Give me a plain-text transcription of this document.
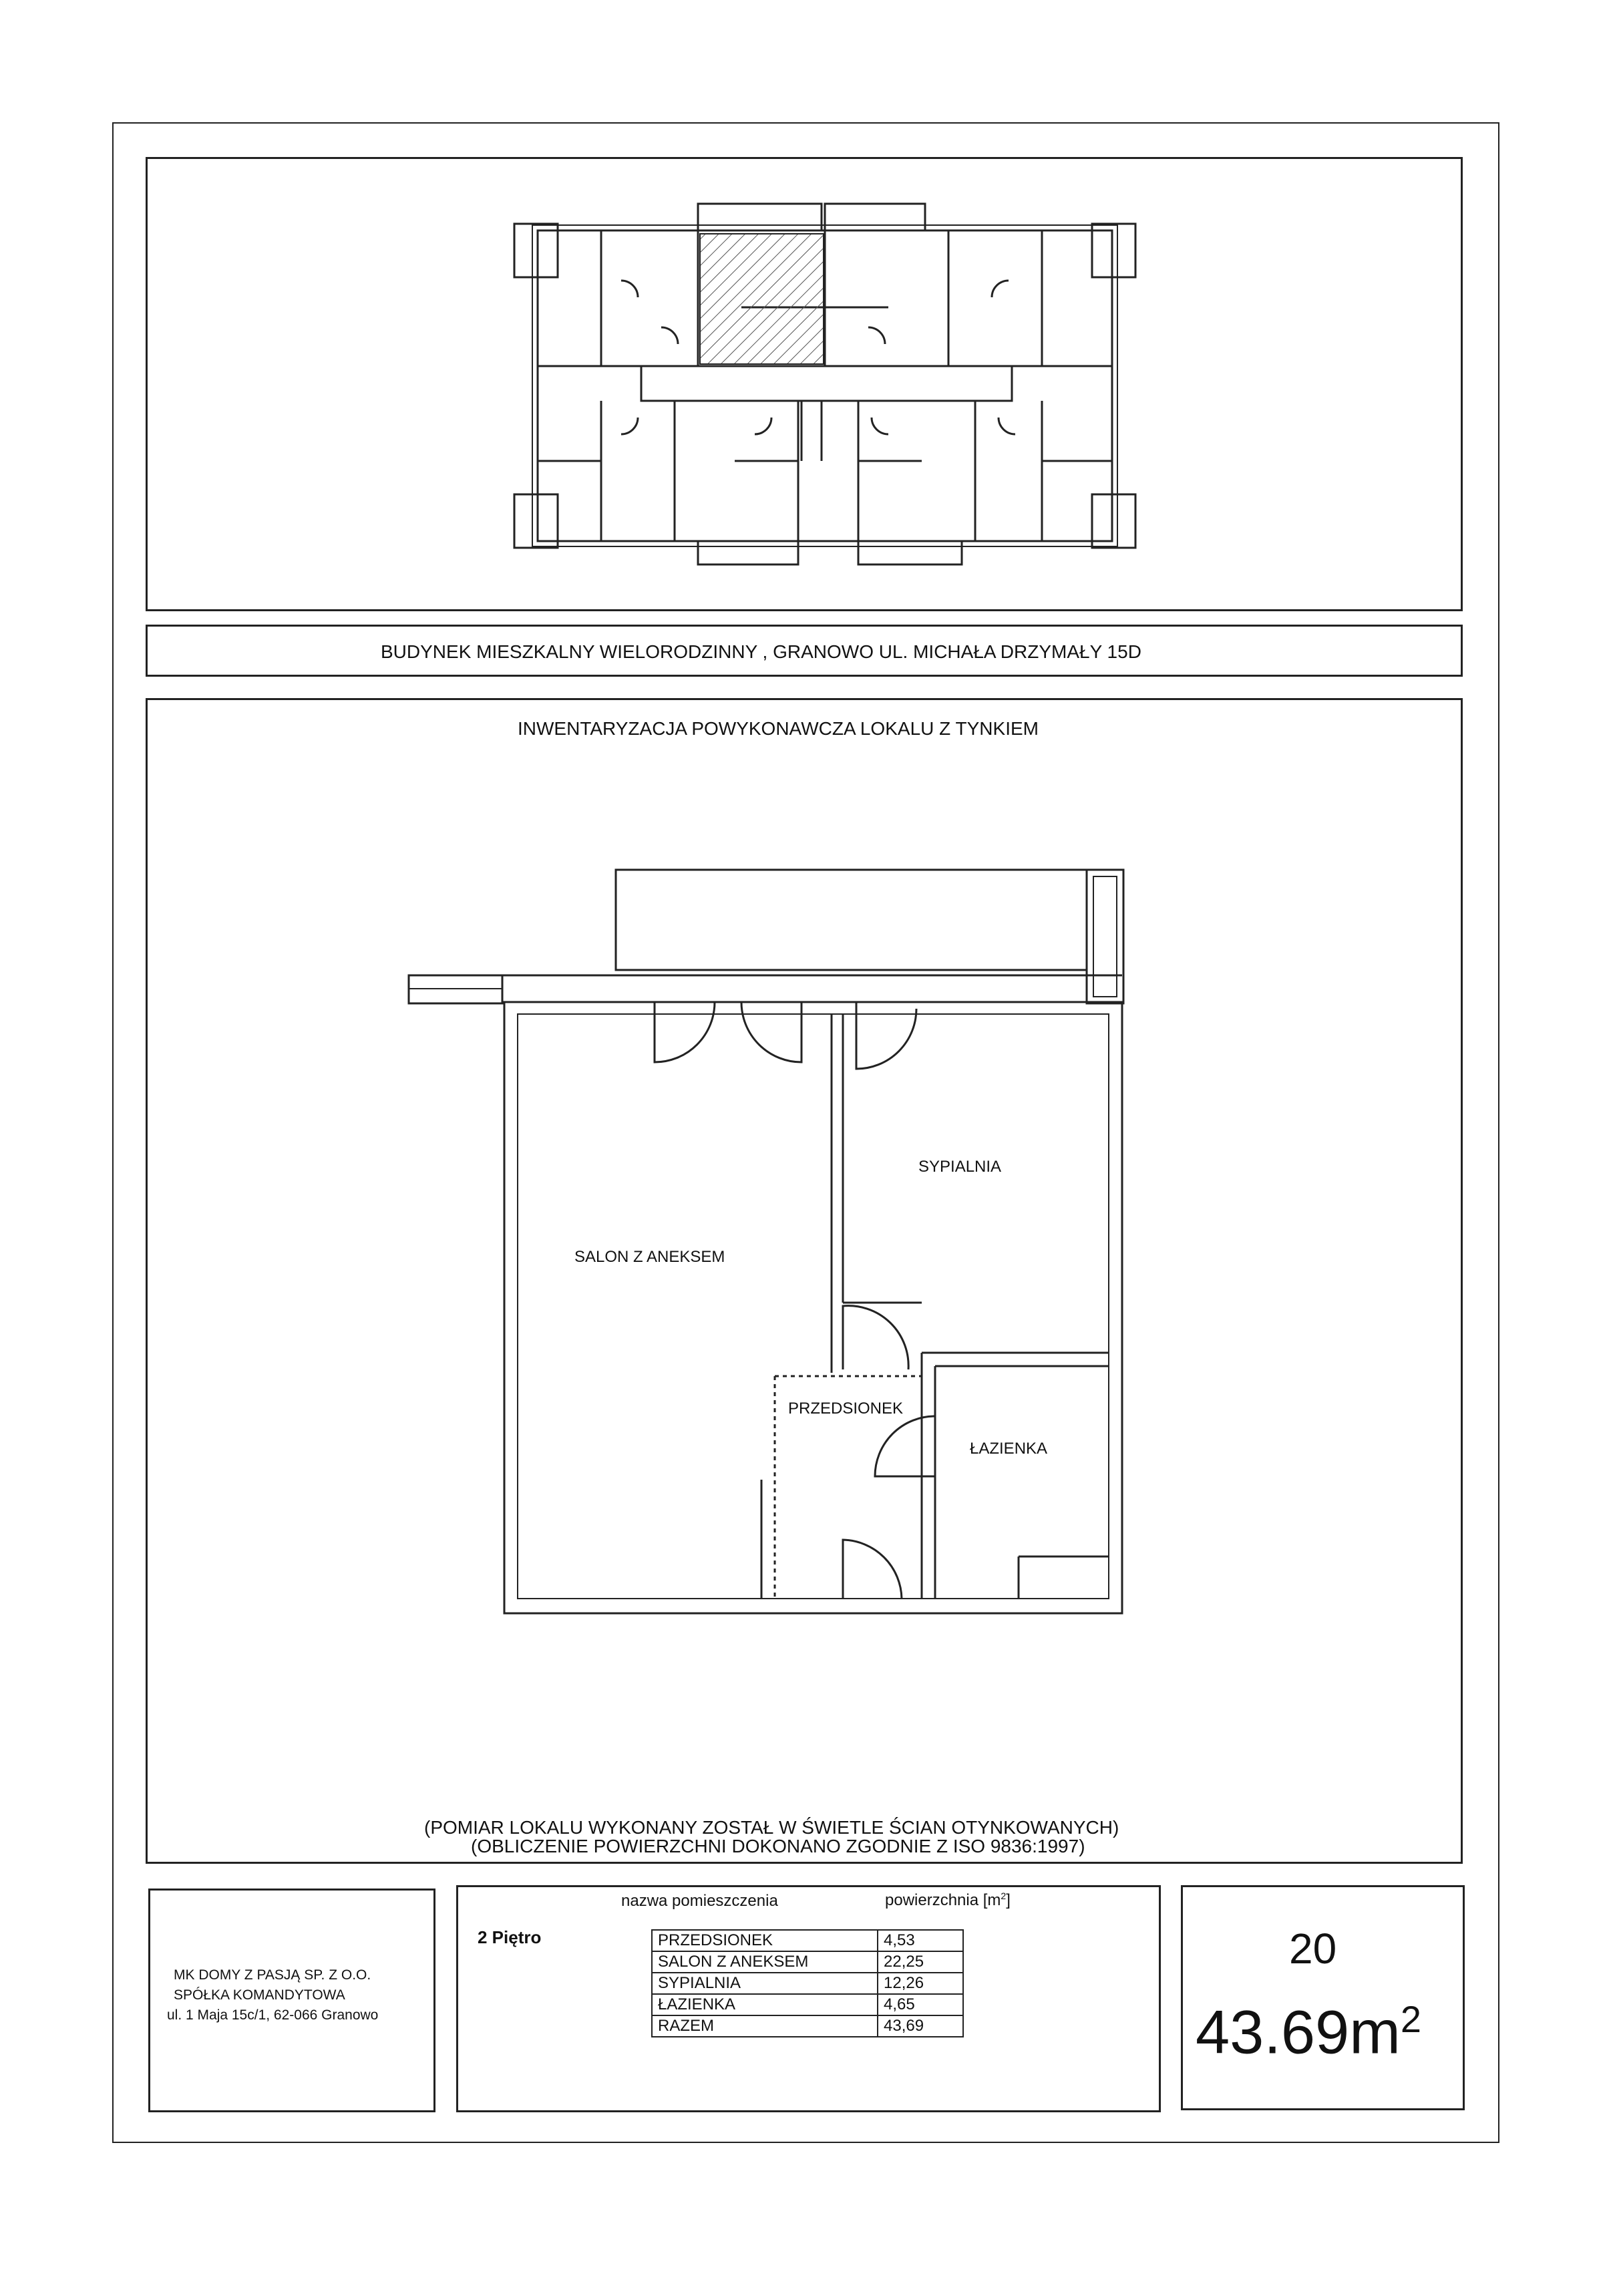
BUDYNEK MIESZKALNY WIELORODZINNY , GRANOWO UL. MICHAŁA DRZYMAŁY 15D
INWENTARYZACJA POWYKONAWCZA LOKALU Z TYNKIEM
SALON Z ANEKSEM
SYPIALNIA
PRZEDSIONEK
ŁAZIENKA
(POMIAR LOKALU WYKONANY ZOSTAŁ W ŚWIETLE ŚCIAN OTYNKOWANYCH)
(OBLICZENIE POWIERZCHNI DOKONANO ZGODNIE Z ISO 9836:1997)
MK DOMY Z PASJĄ SP. Z O.O.
SPÓŁKA KOMANDYTOWA
ul. 1 Maja 15c/1, 62-066 Granowo
2 Piętro
nazwa pomieszczenia	powierzchnia $[m^2]$
PRZEDSIONEK	4,53
SALON Z ANEKSEM	22,25
SYPIALNIA	12,26
ŁAZIENKA	4,65
RAZEM	43,69
20
$43.69m^2$
